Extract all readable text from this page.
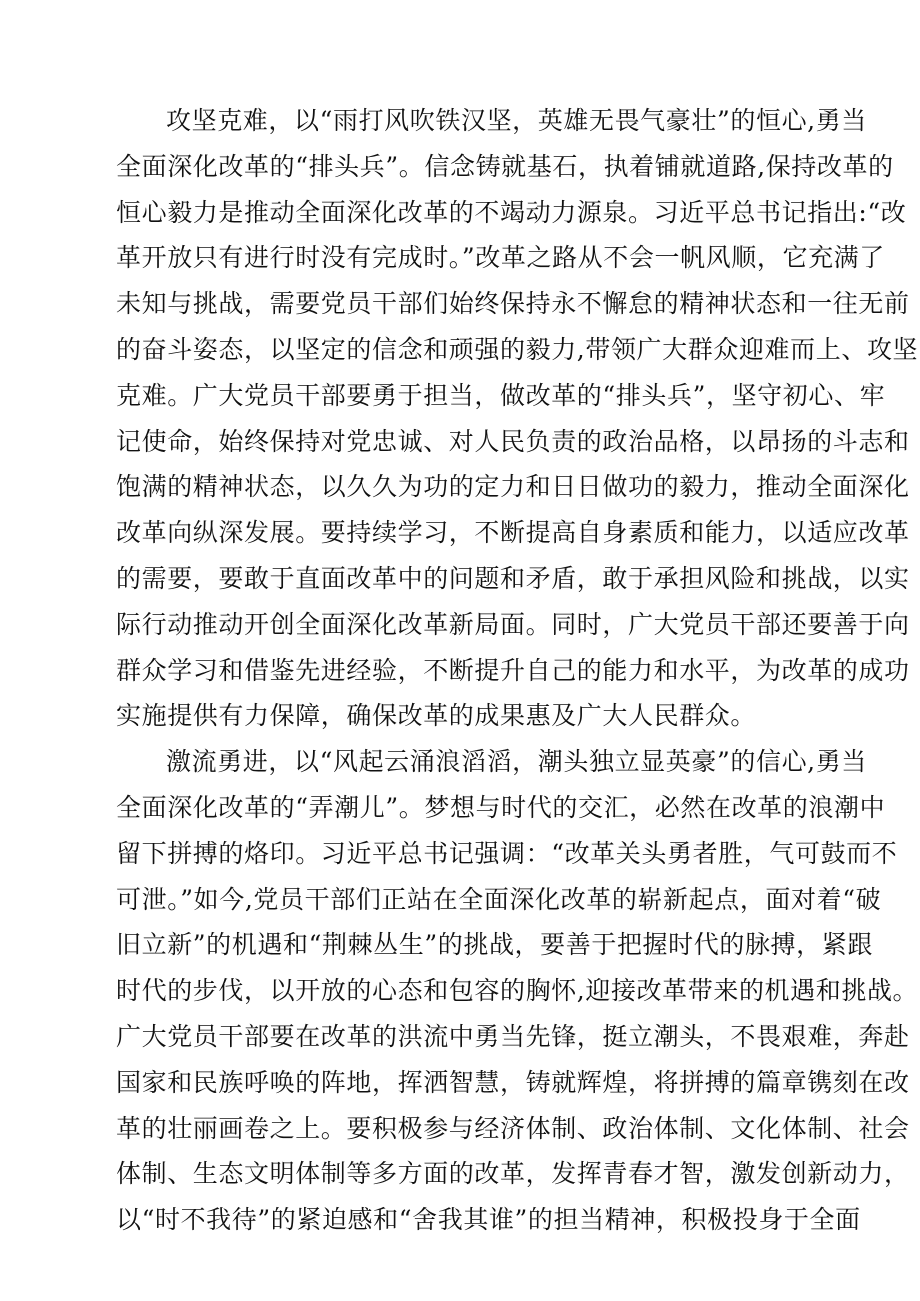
攻坚克难，以“雨打风吹铁汉坚，英雄无畏气豪壮”的恒心,勇当
全面深化改革的“排头兵”。信念铸就基石，执着铺就道路,保持改革的
恒心毅力是推动全面深化改革的不竭动力源泉。习近平总书记指出:“改
革开放只有进行时没有完成时。”改革之路从不会一帆风顺，它充满了
未知与挑战，需要党员干部们始终保持永不懈怠的精神状态和一往无前
的奋斗姿态，以坚定的信念和顽强的毅力,带领广大群众迎难而上、攻坚
克难。广大党员干部要勇于担当，做改革的“排头兵”，坚守初心、牢
记使命，始终保持对党忠诚、对人民负责的政治品格，以昂扬的斗志和
饱满的精神状态，以久久为功的定力和日日做功的毅力，推动全面深化
改革向纵深发展。要持续学习，不断提高自身素质和能力，以适应改革
的需要，要敢于直面改革中的问题和矛盾，敢于承担风险和挑战，以实
际行动推动开创全面深化改革新局面。同时，广大党员干部还要善于向
群众学习和借鉴先进经验，不断提升自己的能力和水平，为改革的成功
实施提供有力保障，确保改革的成果惠及广大人民群众。
激流勇进，以“风起云涌浪滔滔，潮头独立显英豪”的信心,勇当
全面深化改革的“弄潮儿”。梦想与时代的交汇，必然在改革的浪潮中
留下拼搏的烙印。习近平总书记强调：“改革关头勇者胜，气可鼓而不
可泄。”如今,党员干部们正站在全面深化改革的崭新起点，面对着“破
旧立新”的机遇和“荆棘丛生”的挑战，要善于把握时代的脉搏，紧跟
时代的步伐，以开放的心态和包容的胸怀,迎接改革带来的机遇和挑战。
广大党员干部要在改革的洪流中勇当先锋，挺立潮头，不畏艰难，奔赴
国家和民族呼唤的阵地，挥洒智慧，铸就辉煌，将拼搏的篇章镌刻在改
革的壮丽画卷之上。要积极参与经济体制、政治体制、文化体制、社会
体制、生态文明体制等多方面的改革，发挥青春才智，激发创新动力，
以“时不我待”的紧迫感和“舍我其谁”的担当精神，积极投身于全面
